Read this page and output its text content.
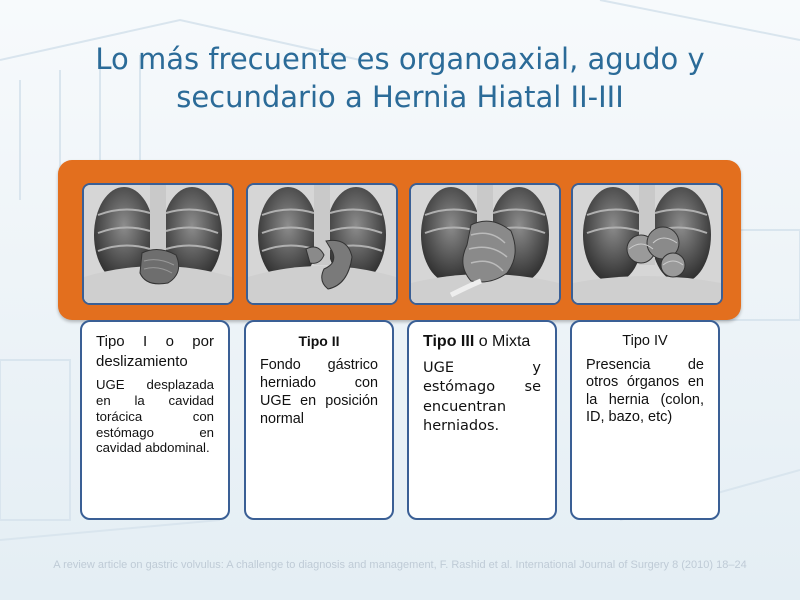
Lo más frecuente es organoaxial, agudo y secundario a Hernia Hiatal II-III
Tipo I o por deslizamiento
UGE desplazada en la cavidad torácica con estómago en cavidad abdominal.
Tipo II
Fondo gástrico herniado con UGE en posición normal
Tipo III o Mixta
UGE y estómago se encuentran herniados.
Tipo IV
Presencia de otros órganos en la hernia (colon, ID, bazo, etc)
A review article on gastric volvulus: A challenge to diagnosis and management, F. Rashid et al. International Journal of Surgery 8 (2010) 18–24
